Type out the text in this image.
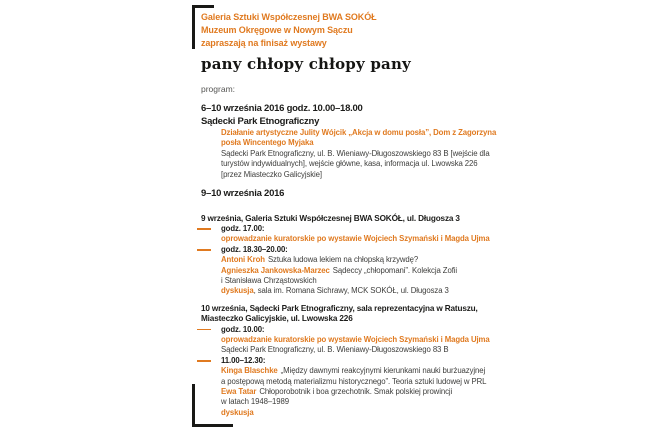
Galeria Sztuki Współczesnej BWA SOKÓŁ
Muzeum Okręgowe w Nowym Sączu
zapraszają na finisaż wystawy
pany chłopy chłopy pany
program:
6–10 września 2016 godz. 10.00–18.00
Sądecki Park Etnograficzny
Działanie artystyczne Julity Wójcik „Akcja w domu posła”, Dom z Zagorzyna
posła Wincentego Myjaka
Sądecki Park Etnograficzny, ul. B. Wieniawy-Długoszowskiego 83 B [wejście dla
turystów indywidualnych], wejście główne, kasa, informacja ul. Lwowska 226
[przez Miasteczko Galicyjskie]
9–10 września 2016
9 września, Galeria Sztuki Współczesnej BWA SOKÓŁ, ul. Długosza 3
godz. 17.00:
oprowadzanie kuratorskie po wystawie Wojciech Szymański i Magda Ujma
godz. 18.30–20.00:
Antoni Kroh Sztuka ludowa lekiem na chłopską krzywdę?
Agnieszka Jankowska-Marzec Sądeccy „chłopomani”. Kolekcja Zofii
i Stanisława Chrząstowskich
dyskusja, sala im. Romana Sichrawy, MCK SOKÓŁ, ul. Długosza 3
10 września, Sądecki Park Etnograficzny, sala reprezentacyjna w Ratuszu,
Miasteczko Galicyjskie, ul. Lwowska 226
godz. 10.00:
oprowadzanie kuratorskie po wystawie Wojciech Szymański i Magda Ujma
Sądecki Park Etnograficzny, ul. B. Wieniawy-Długoszowskiego 83 B
11.00–12.30:
Kinga Blaschke „Między dawnymi reakcyjnymi kierunkami nauki burżuazyjnej
a postępową metodą materializmu historycznego”. Teoria sztuki ludowej w PRL
Ewa Tatar Chłoporobotnik i boa grzechotnik. Smak polskiej prowincji
w latach 1948–1989
dyskusja
